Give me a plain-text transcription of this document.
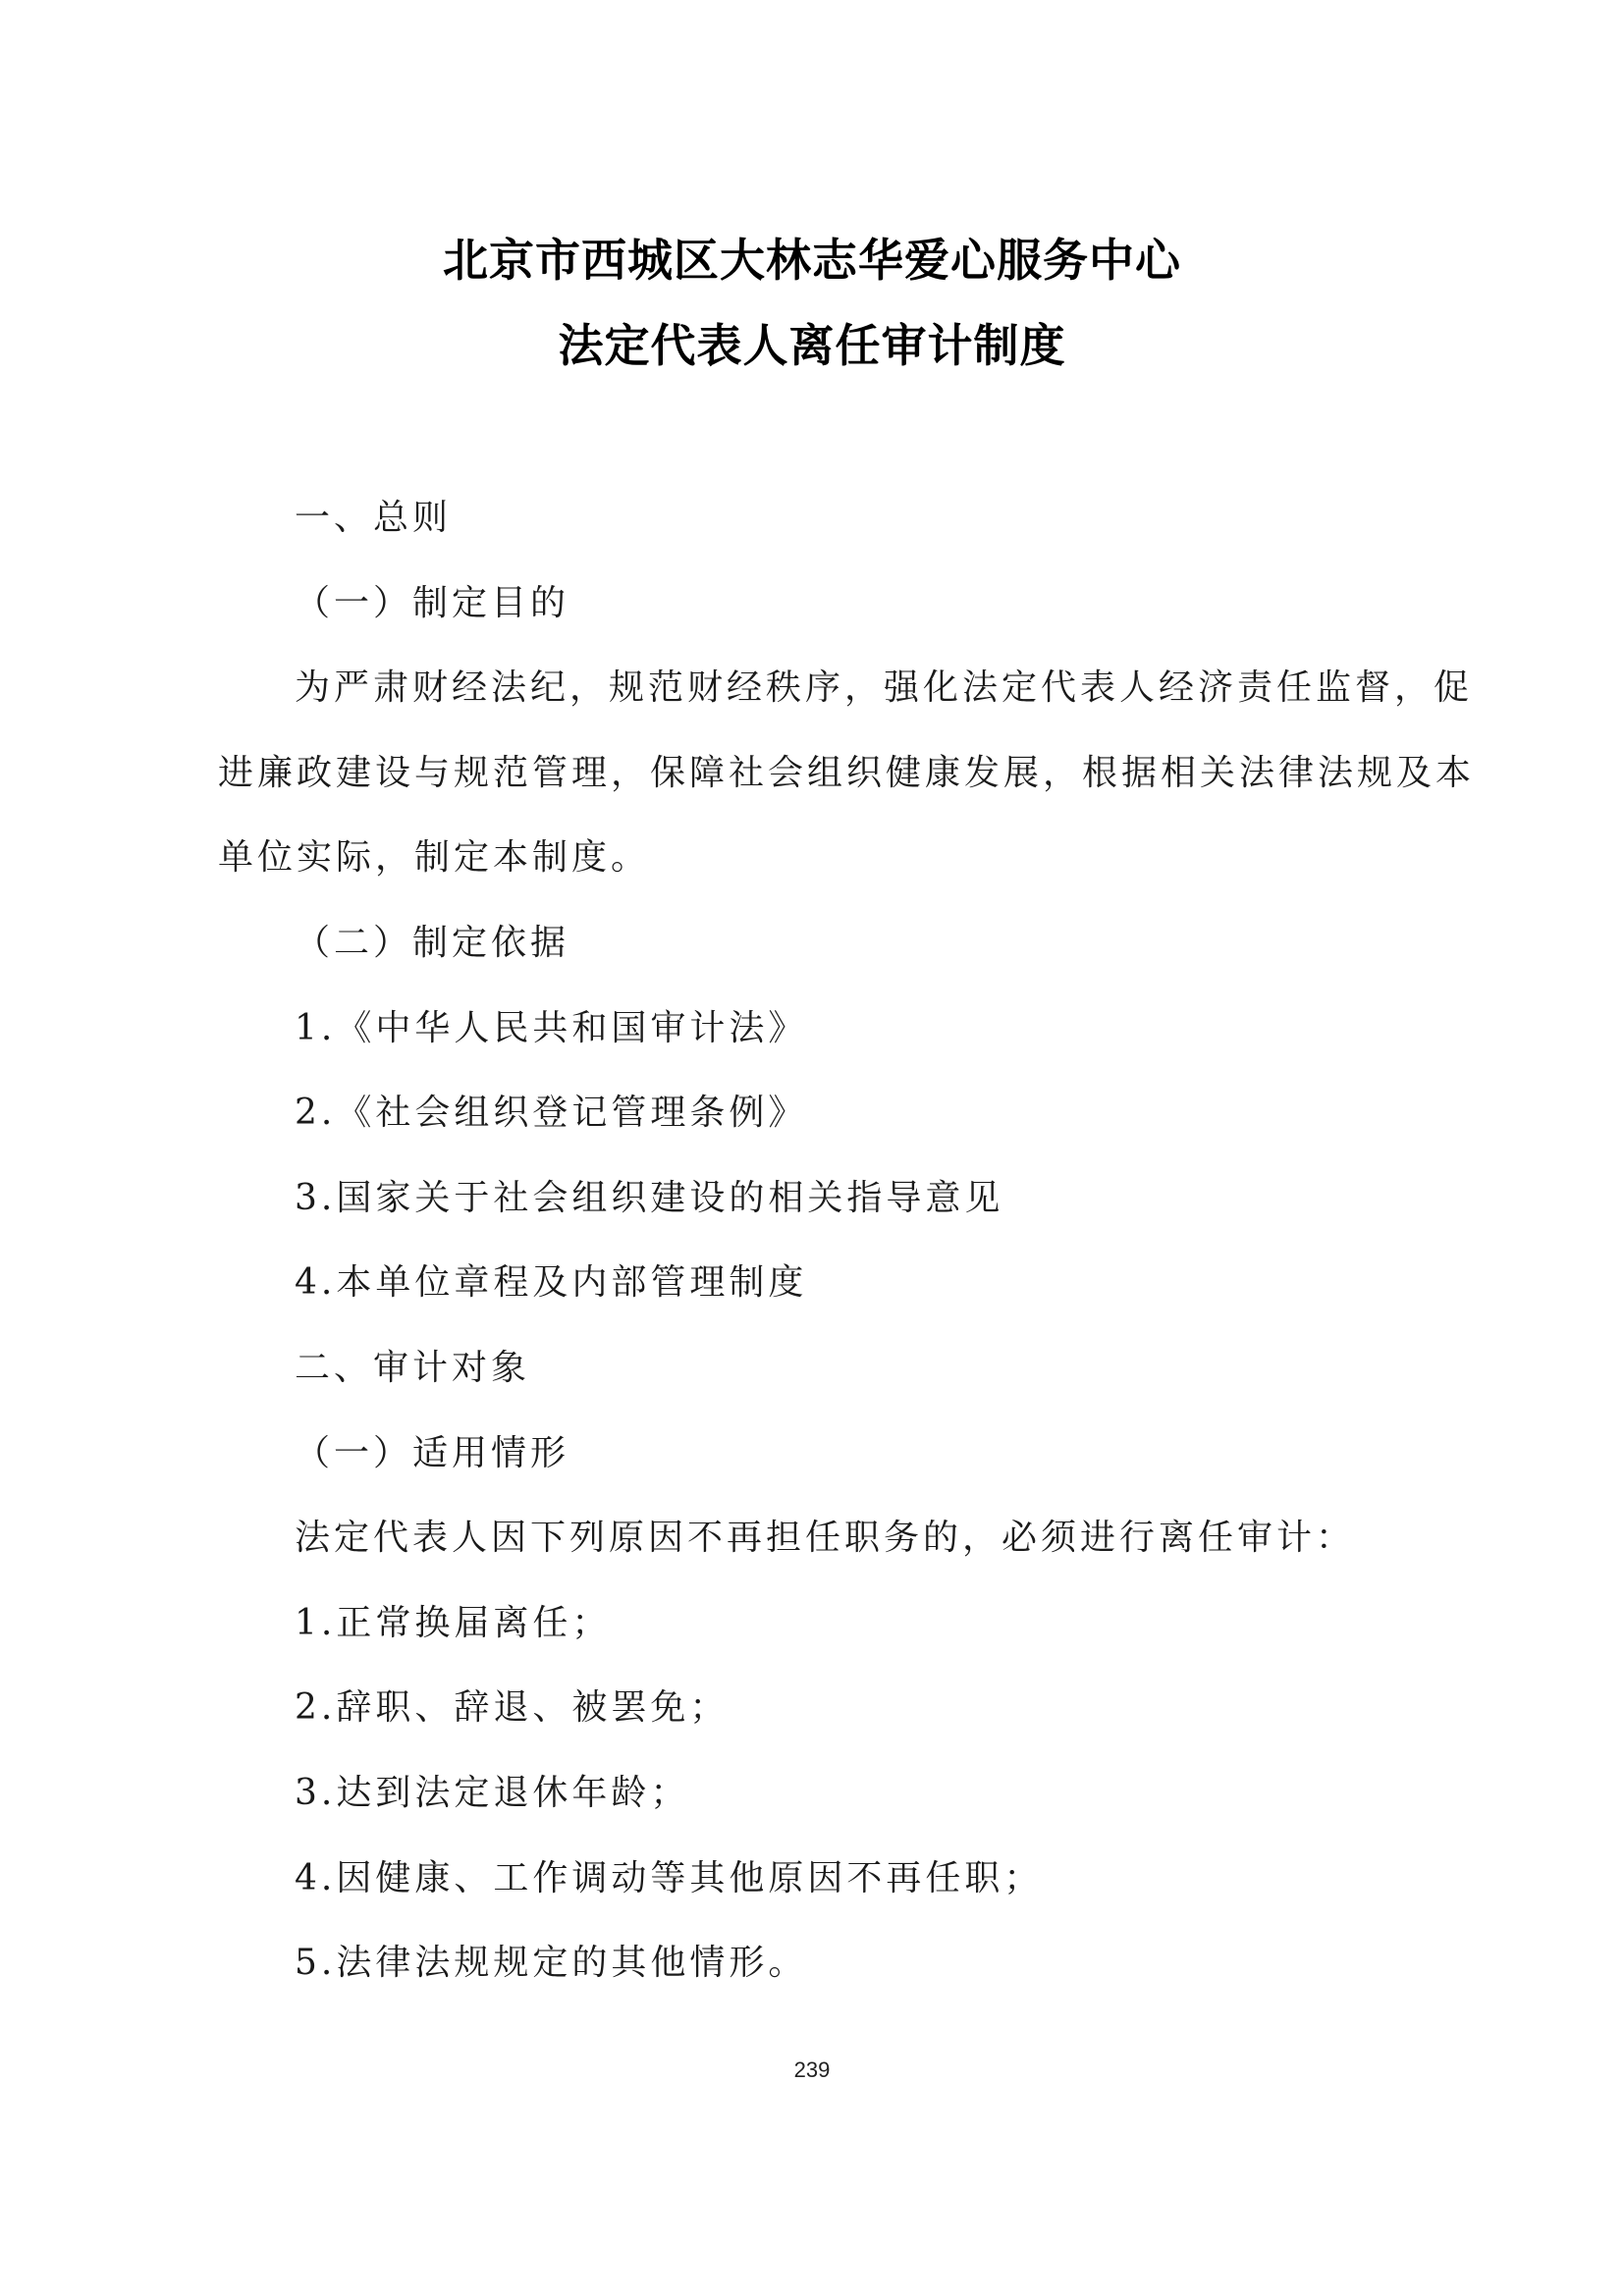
北京市西城区大林志华爱心服务中心
法定代表人离任审计制度
一、总则
（一）制定目的
为严肃财经法纪，规范财经秩序，强化法定代表人经济责任监督，促
进廉政建设与规范管理，保障社会组织健康发展，根据相关法律法规及本
单位实际，制定本制度。
（二）制定依据
1.《中华人民共和国审计法》
2.《社会组织登记管理条例》
3.国家关于社会组织建设的相关指导意见
4.本单位章程及内部管理制度
二、审计对象
（一）适用情形
法定代表人因下列原因不再担任职务的，必须进行离任审计：
1.正常换届离任；
2.辞职、辞退、被罢免；
3.达到法定退休年龄；
4.因健康、工作调动等其他原因不再任职；
5.法律法规规定的其他情形。
239
